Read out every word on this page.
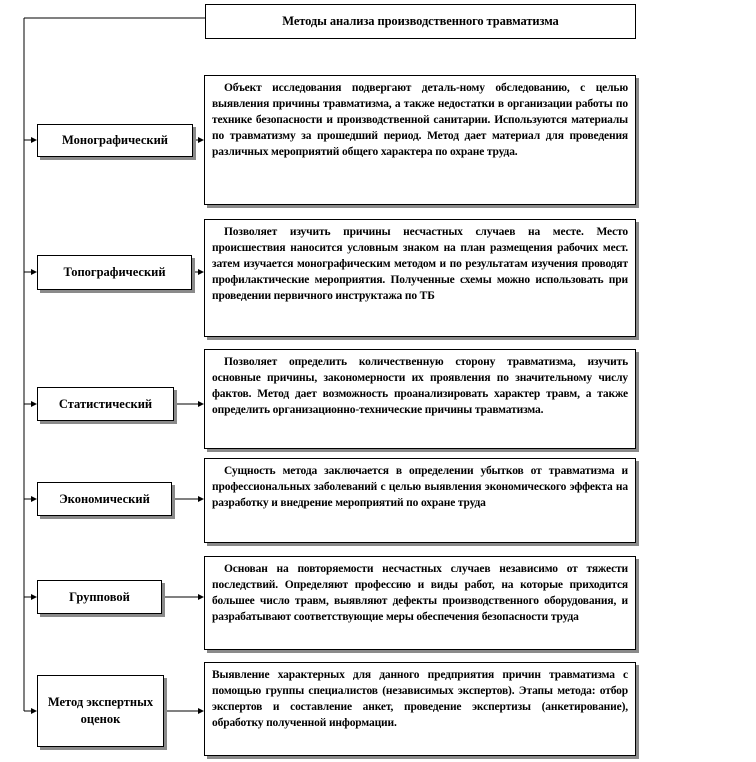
Методы анализа производственного травматизма
Монографический
Топографический
Статистический
Экономический
Групповой
Метод экспертных оценок
Объект исследования подвергают деталь-ному обследованию, с целью выявления причины травматизма, а также недостатки в организации работы по технике безопасности и производственной санитарии. Используются материалы по травматизму за прошедший период. Метод дает материал для проведения различных мероприятий общего характера по охране труда.
Позволяет изучить причины несчастных случаев на месте. Место происшествия наносится условным знаком на план размещения рабочих мест. затем изучается монографическим методом и по результатам изучения проводят профилактические мероприятия. Полученные схемы можно использовать при проведении первичного инструктажа по ТБ
Позволяет определить количественную сторону травматизма, изучить основные причины, закономерности их проявления по значительному числу фактов. Метод дает возможность проанализировать характер травм, а также определить организационно-технические причины травматизма.
Сущность метода заключается в определении убытков от травматизма и профессиональных заболеваний с целью выявления экономического эффекта на разработку и внедрение мероприятий по охране труда
Основан на повторяемости несчастных случаев независимо от тяжести последствий. Определяют профессию и виды работ, на которые приходится большее число травм, выявляют дефекты производственного оборудования, и разрабатывают соответствующие меры обеспечения безопасности труда
Выявление характерных для данного предприятия причин травматизма с помощью группы специалистов (независимых экспертов). Этапы метода: отбор экспертов и составление анкет, проведение экспертизы (анкетирование), обработку полученной информации.
